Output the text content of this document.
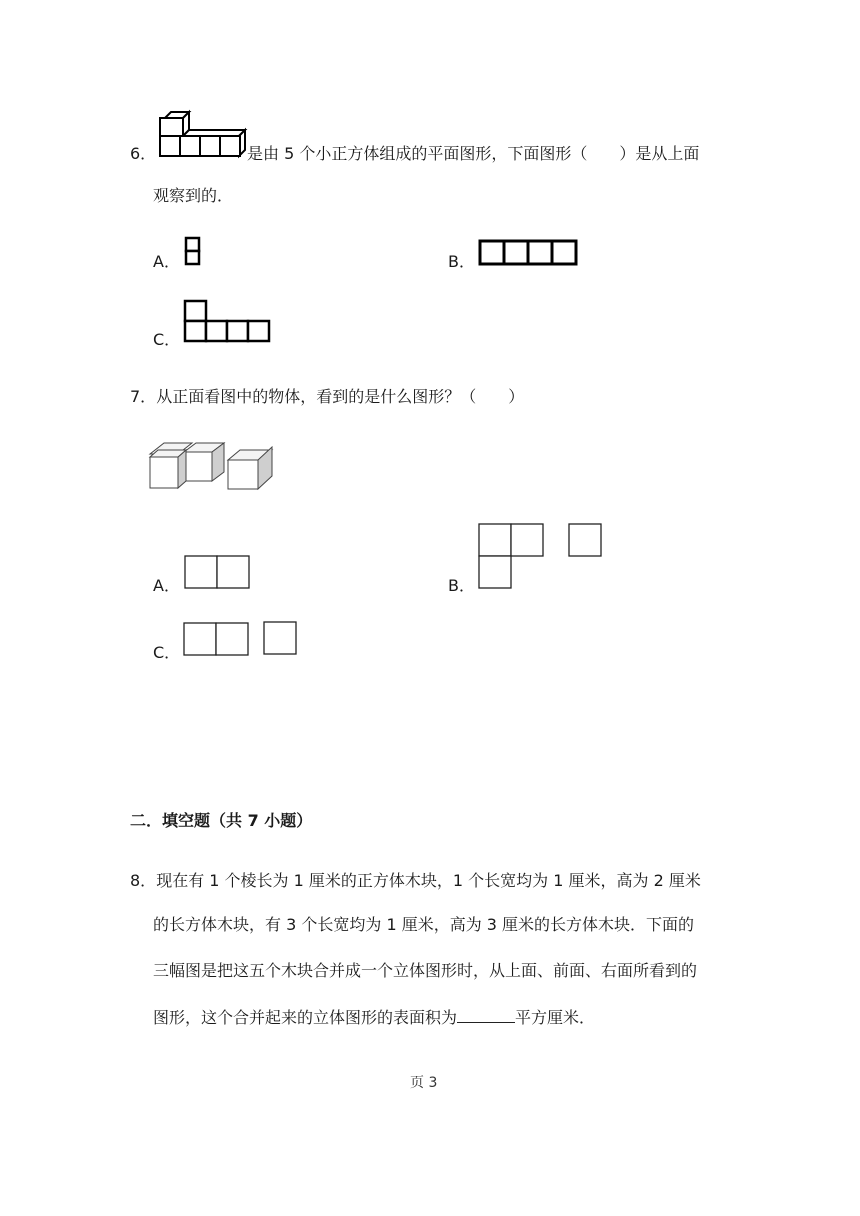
6．	是由 5 个小正方体组成的平面图形，下面图形（　　）是从上面
观察到的．
A．	B．
C．
7．从正面看图中的物体，看到的是什么图形？（　　）
A．	B．
C．
二．填空题（共 7 小题）
8．现在有 1 个棱长为 1 厘米的正方体木块，1 个长宽均为 1 厘米，高为 2 厘米
的长方体木块，有 3 个长宽均为 1 厘米，高为 3 厘米的长方体木块．下面的
三幅图是把这五个木块合并成一个立体图形时，从上面、前面、右面所看到的
图形，这个合并起来的立体图形的表面积为	平方厘米．
页 3
